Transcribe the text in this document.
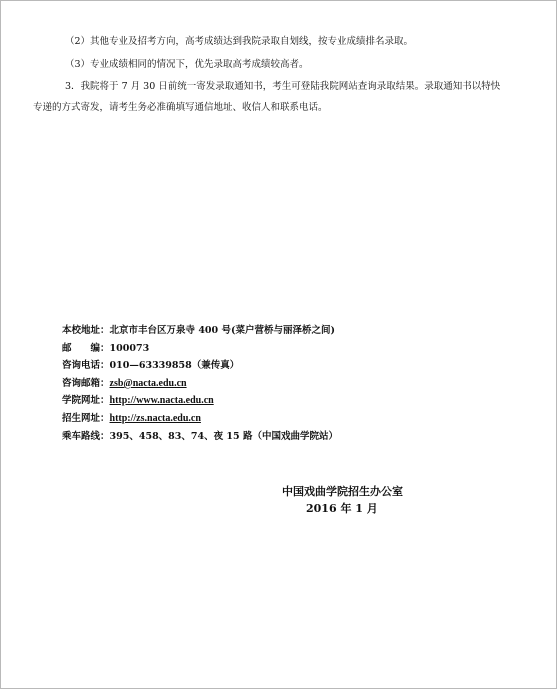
（2）其他专业及招考方向，高考成绩达到我院录取自划线，按专业成绩排名录取。
（3）专业成绩相同的情况下，优先录取高考成绩较高者。
3．我院将于 7 月 30 日前统一寄发录取通知书，考生可登陆我院网站查询录取结果。录取通知书以特快
专递的方式寄发，请考生务必准确填写通信地址、收信人和联系电话。
本校地址：北京市丰台区万泉寺 400 号(菜户营桥与丽泽桥之间)
邮　　编：100073
咨询电话：010—63339858（兼传真）
咨询邮箱：zsb@nacta.edu.cn
学院网址：http://www.nacta.edu.cn
招生网址：http://zs.nacta.edu.cn
乘车路线：395、458、83、74、夜 15 路（中国戏曲学院站）
中国戏曲学院招生办公室
2016 年 1 月
